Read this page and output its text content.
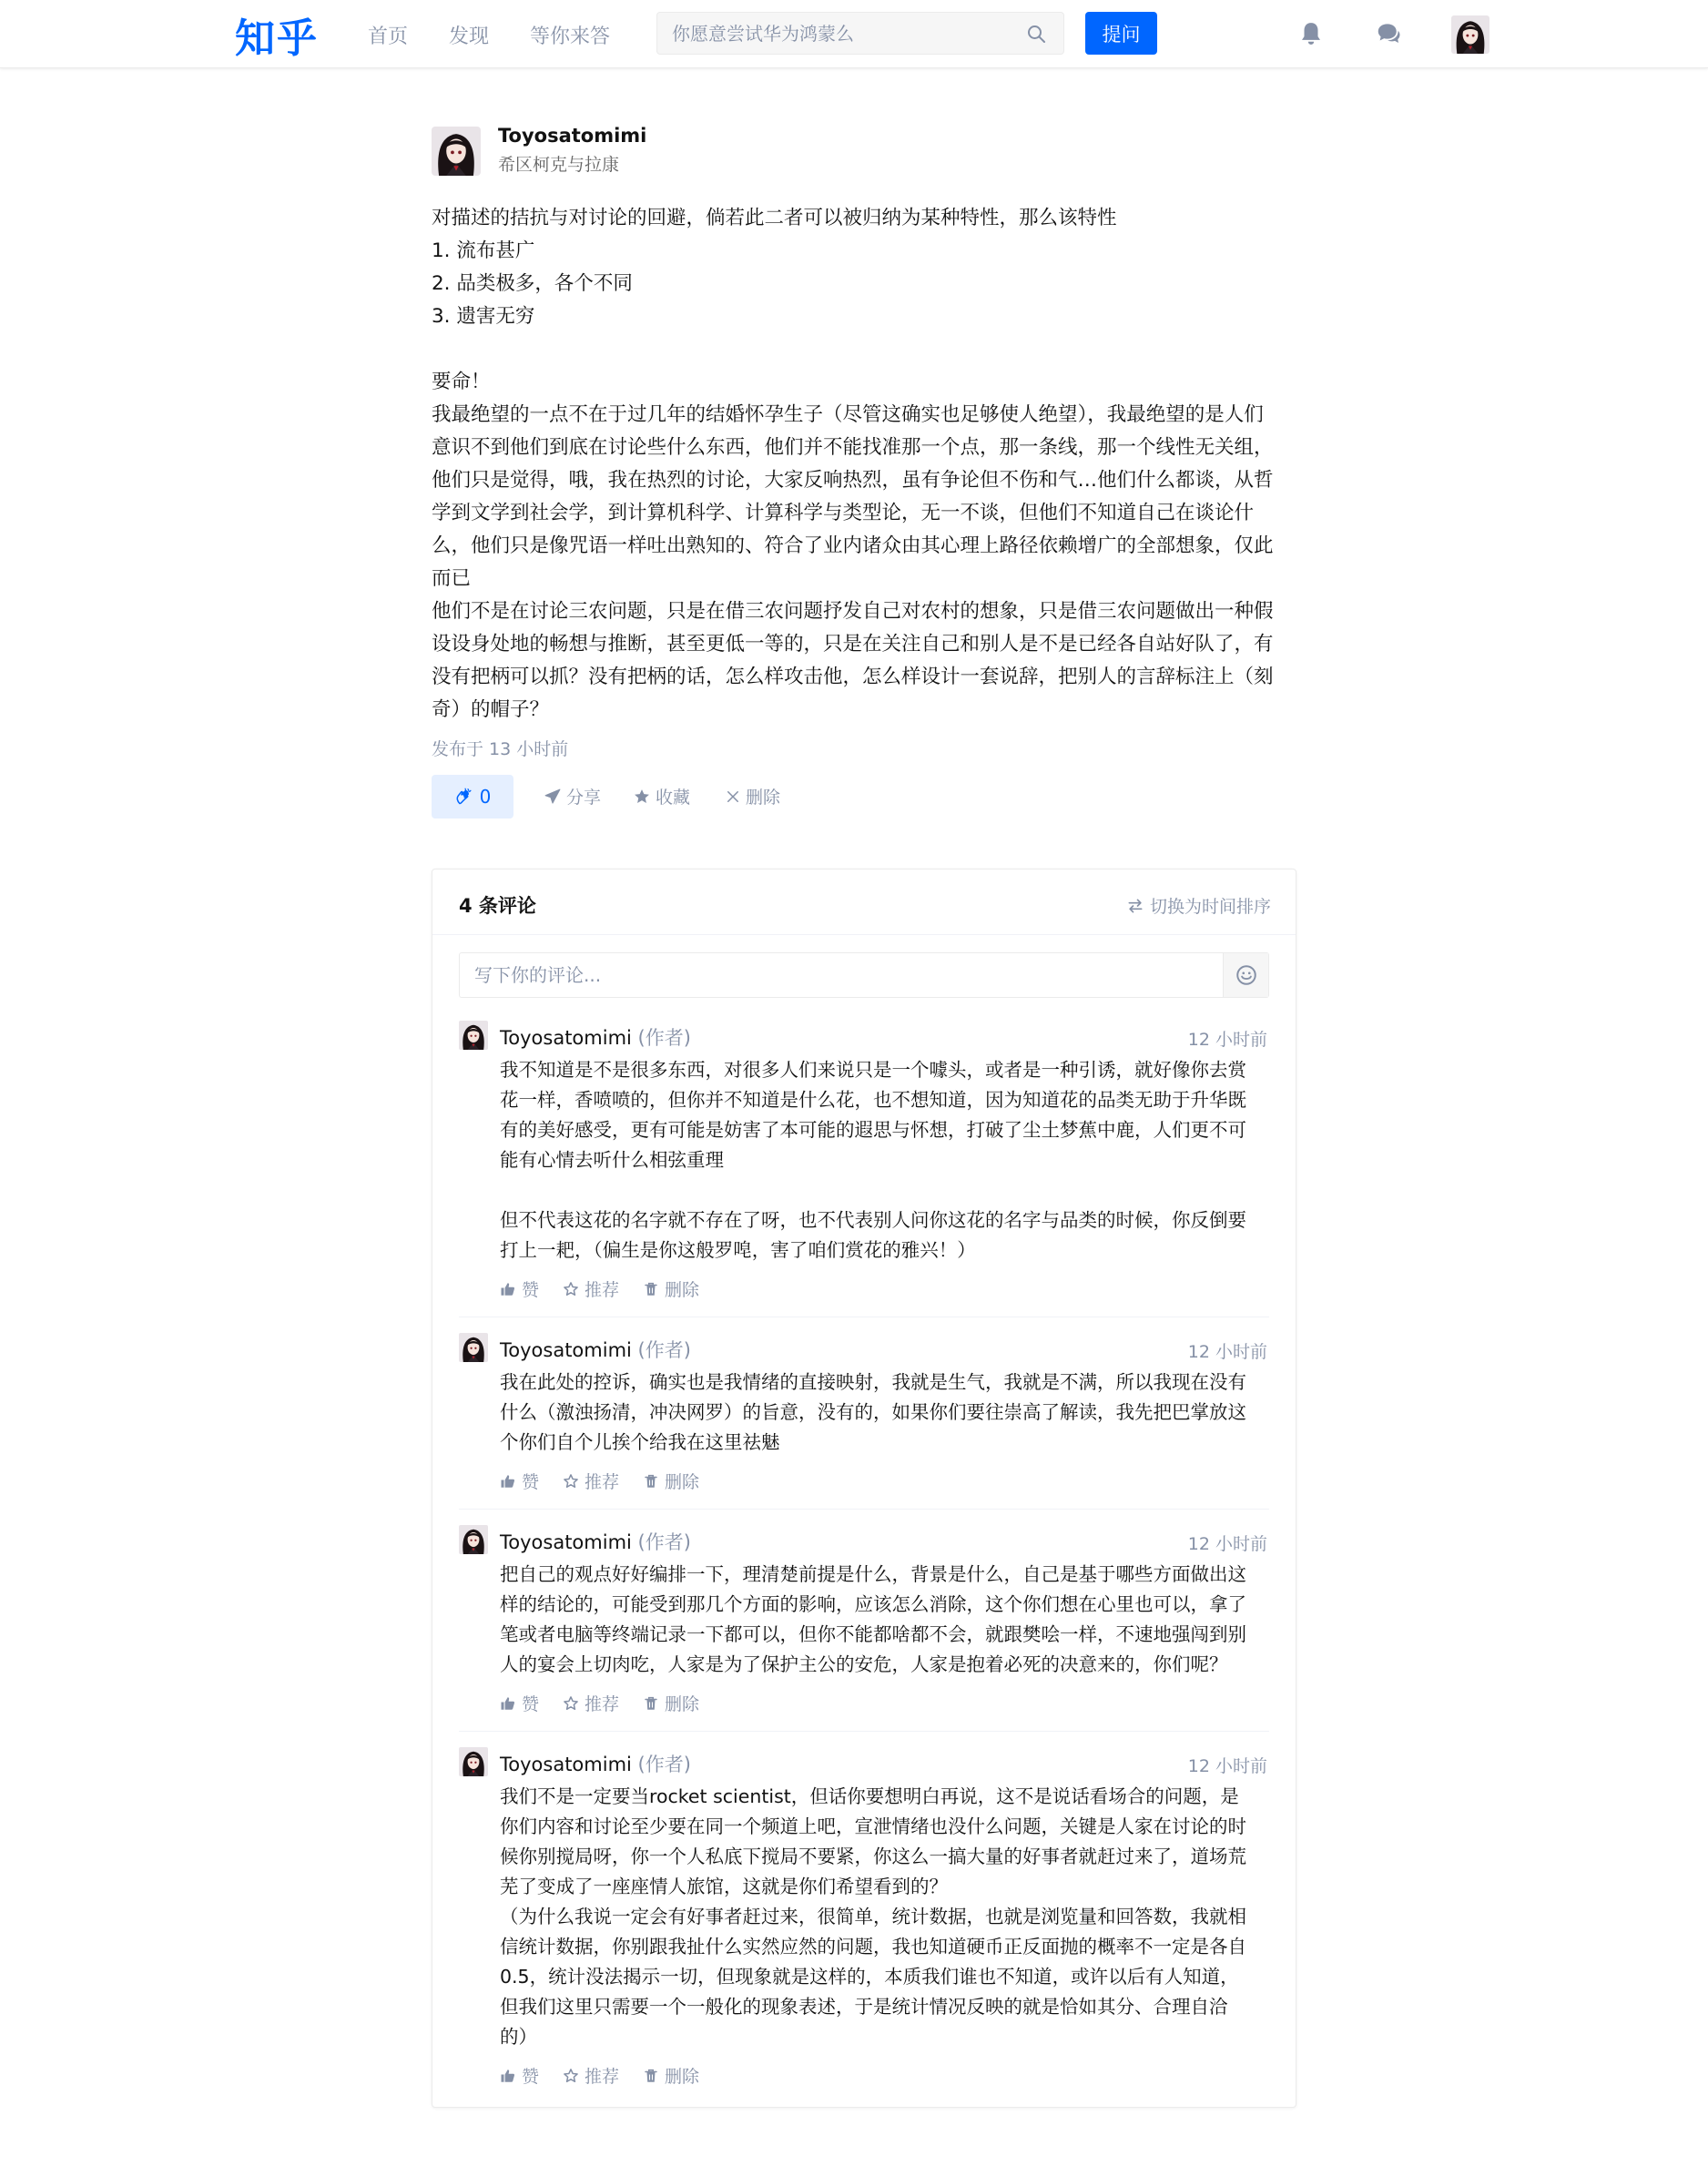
知乎 首页 发现 等你来答
你愿意尝试华为鸿蒙么	提问
Toyosatomimi
希区柯克与拉康

对描述的拮抗与对讨论的回避，倘若此二者可以被归纳为某种特性，那么该特性

1. 流布甚广

2. 品类极多，各个不同

3. 遗害无穷

要命！

我最绝望的一点不在于过几年的结婚怀孕生子（尽管这确实也足够使人绝望），我最绝望的是人们

意识不到他们到底在讨论些什么东西，他们并不能找准那一个点，那一条线，那一个线性无关组，

他们只是觉得，哦，我在热烈的讨论，大家反响热烈，虽有争论但不伤和气…他们什么都谈，从哲

学到文学到社会学，到计算机科学、计算科学与类型论，无一不谈，但他们不知道自己在谈论什

么，他们只是像咒语一样吐出熟知的、符合了业内诸众由其心理上路径依赖增广的全部想象，仅此

而已

他们不是在讨论三农问题，只是在借三农问题抒发自己对农村的想象，只是借三农问题做出一种假

设设身处地的畅想与推断，甚至更低一等的，只是在关注自己和别人是不是已经各自站好队了，有

没有把柄可以抓？没有把柄的话，怎么样攻击他，怎么样设计一套说辞，把别人的言辞标注上（刻

奇）的帽子？

发布于 13 小时前
0	分享	收藏	删除
4 条评论	切换为时间排序
写下你的评论...
Toyosatomimi (作者)	12 小时前

我不知道是不是很多东西，对很多人们来说只是一个噱头，或者是一种引诱，就好像你去赏

花一样，香喷喷的，但你并不知道是什么花，也不想知道，因为知道花的品类无助于升华既

有的美好感受，更有可能是妨害了本可能的遐思与怀想，打破了尘土梦蕉中鹿，人们更不可

能有心情去听什么相弦重理

但不代表这花的名字就不存在了呀，也不代表别人问你这花的名字与品类的时候，你反倒要

打上一耙，（偏生是你这般罗唣，害了咱们赏花的雅兴！）

赞	推荐	删除
Toyosatomimi (作者)	12 小时前

我在此处的控诉，确实也是我情绪的直接映射，我就是生气，我就是不满，所以我现在没有

什么（激浊扬清，冲决网罗）的旨意，没有的，如果你们要往崇高了解读，我先把巴掌放这

个你们自个儿挨个给我在这里祛魅

赞	推荐	删除
Toyosatomimi (作者)	12 小时前

把自己的观点好好编排一下，理清楚前提是什么，背景是什么，自己是基于哪些方面做出这

样的结论的，可能受到那几个方面的影响，应该怎么消除，这个你们想在心里也可以，拿了

笔或者电脑等终端记录一下都可以，但你不能都啥都不会，就跟樊哙一样，不速地强闯到别

人的宴会上切肉吃，人家是为了保护主公的安危，人家是抱着必死的决意来的，你们呢？

赞	推荐	删除
Toyosatomimi (作者)	12 小时前

我们不是一定要当rocket scientist，但话你要想明白再说，这不是说话看场合的问题，是

你们内容和讨论至少要在同一个频道上吧，宣泄情绪也没什么问题，关键是人家在讨论的时

候你别搅局呀，你一个人私底下搅局不要紧，你这么一搞大量的好事者就赶过来了，道场荒

芜了变成了一座座情人旅馆，这就是你们希望看到的？

（为什么我说一定会有好事者赶过来，很简单，统计数据，也就是浏览量和回答数，我就相

信统计数据，你别跟我扯什么实然应然的问题，我也知道硬币正反面抛的概率不一定是各自

0.5，统计没法揭示一切，但现象就是这样的，本质我们谁也不知道，或许以后有人知道，

但我们这里只需要一个一般化的现象表述，于是统计情况反映的就是恰如其分、合理自洽

的）

赞	推荐	删除
